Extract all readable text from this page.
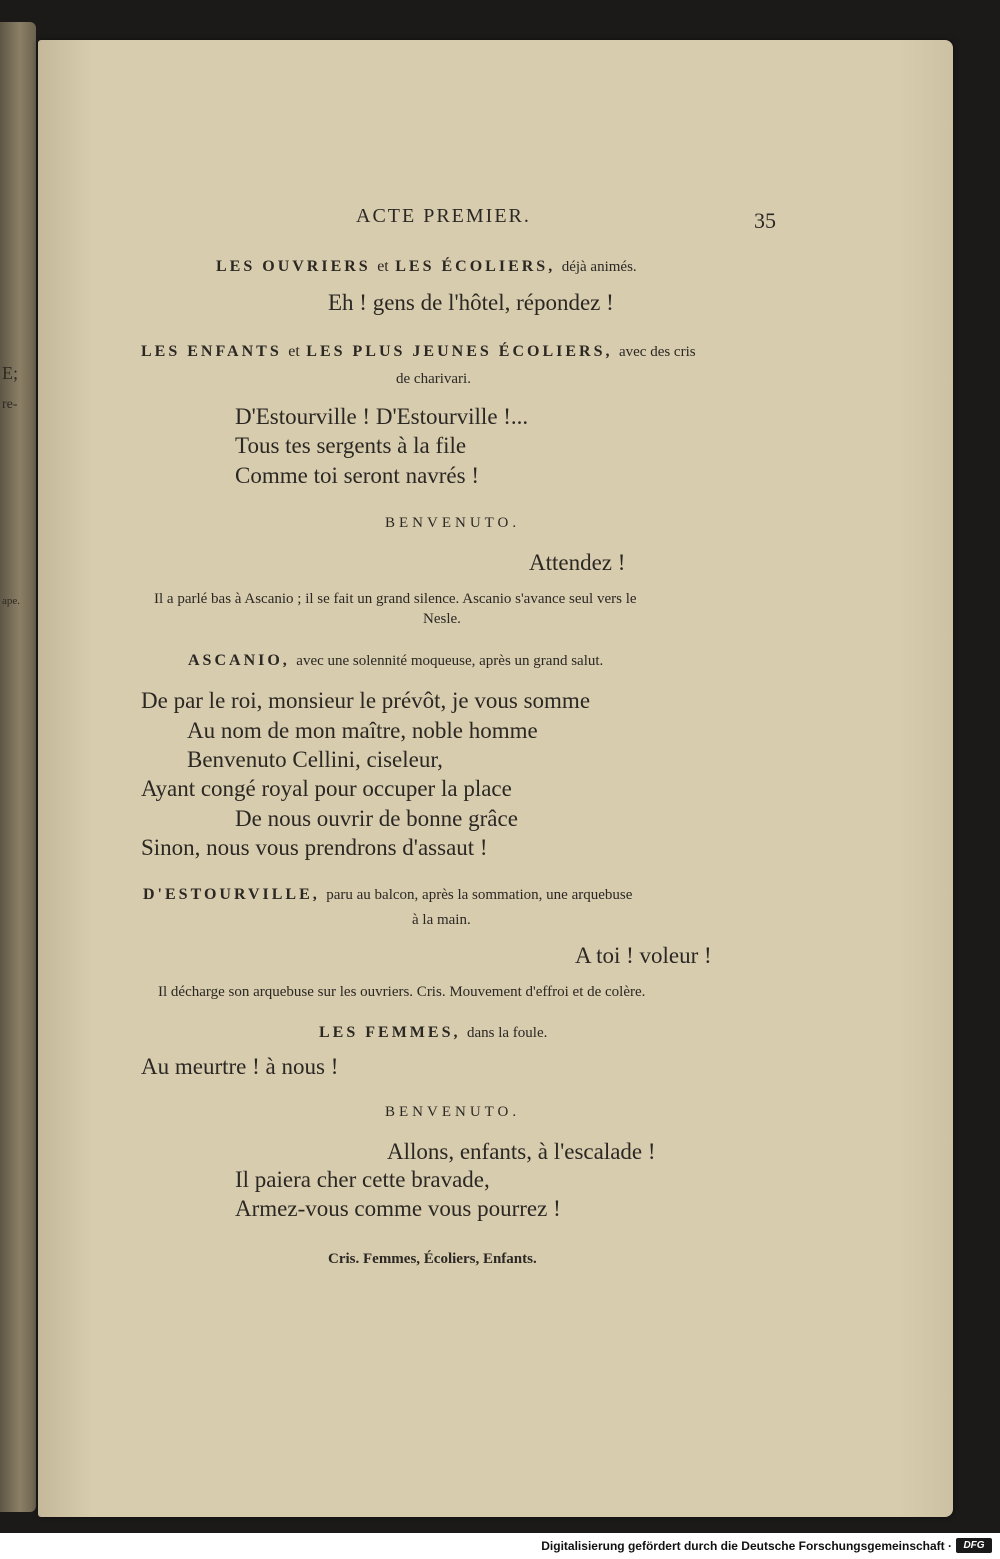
E;
re-
ape.
ACTE PREMIER.	35
LES OUVRIERS et LES ÉCOLIERS, déjà animés.
Eh ! gens de l'hôtel, répondez !
LES ENFANTS et LES PLUS JEUNES ÉCOLIERS, avec des cris
de charivari.
D'Estourville ! D'Estourville !...
Tous tes sergents à la file
Comme toi seront navrés !
BENVENUTO.
Attendez !
Il a parlé bas à Ascanio ; il se fait un grand silence. Ascanio s'avance seul vers le
Nesle.
ASCANIO, avec une solennité moqueuse, après un grand salut.
De par le roi, monsieur le prévôt, je vous somme
Au nom de mon maître, noble homme
Benvenuto Cellini, ciseleur,
Ayant congé royal pour occuper la place
De nous ouvrir de bonne grâce
Sinon, nous vous prendrons d'assaut !
D'ESTOURVILLE, paru au balcon, après la sommation, une arquebuse
à la main.
A toi ! voleur !
Il décharge son arquebuse sur les ouvriers. Cris. Mouvement d'effroi et de colère.
LES FEMMES, dans la foule.
Au meurtre ! à nous !
BENVENUTO.
Allons, enfants, à l'escalade !
Il paiera cher cette bravade,
Armez-vous comme vous pourrez !
Cris. Femmes, Écoliers, Enfants.
Digitalisierung gefördert durch die Deutsche Forschungsgemeinschaft ·	DFG
